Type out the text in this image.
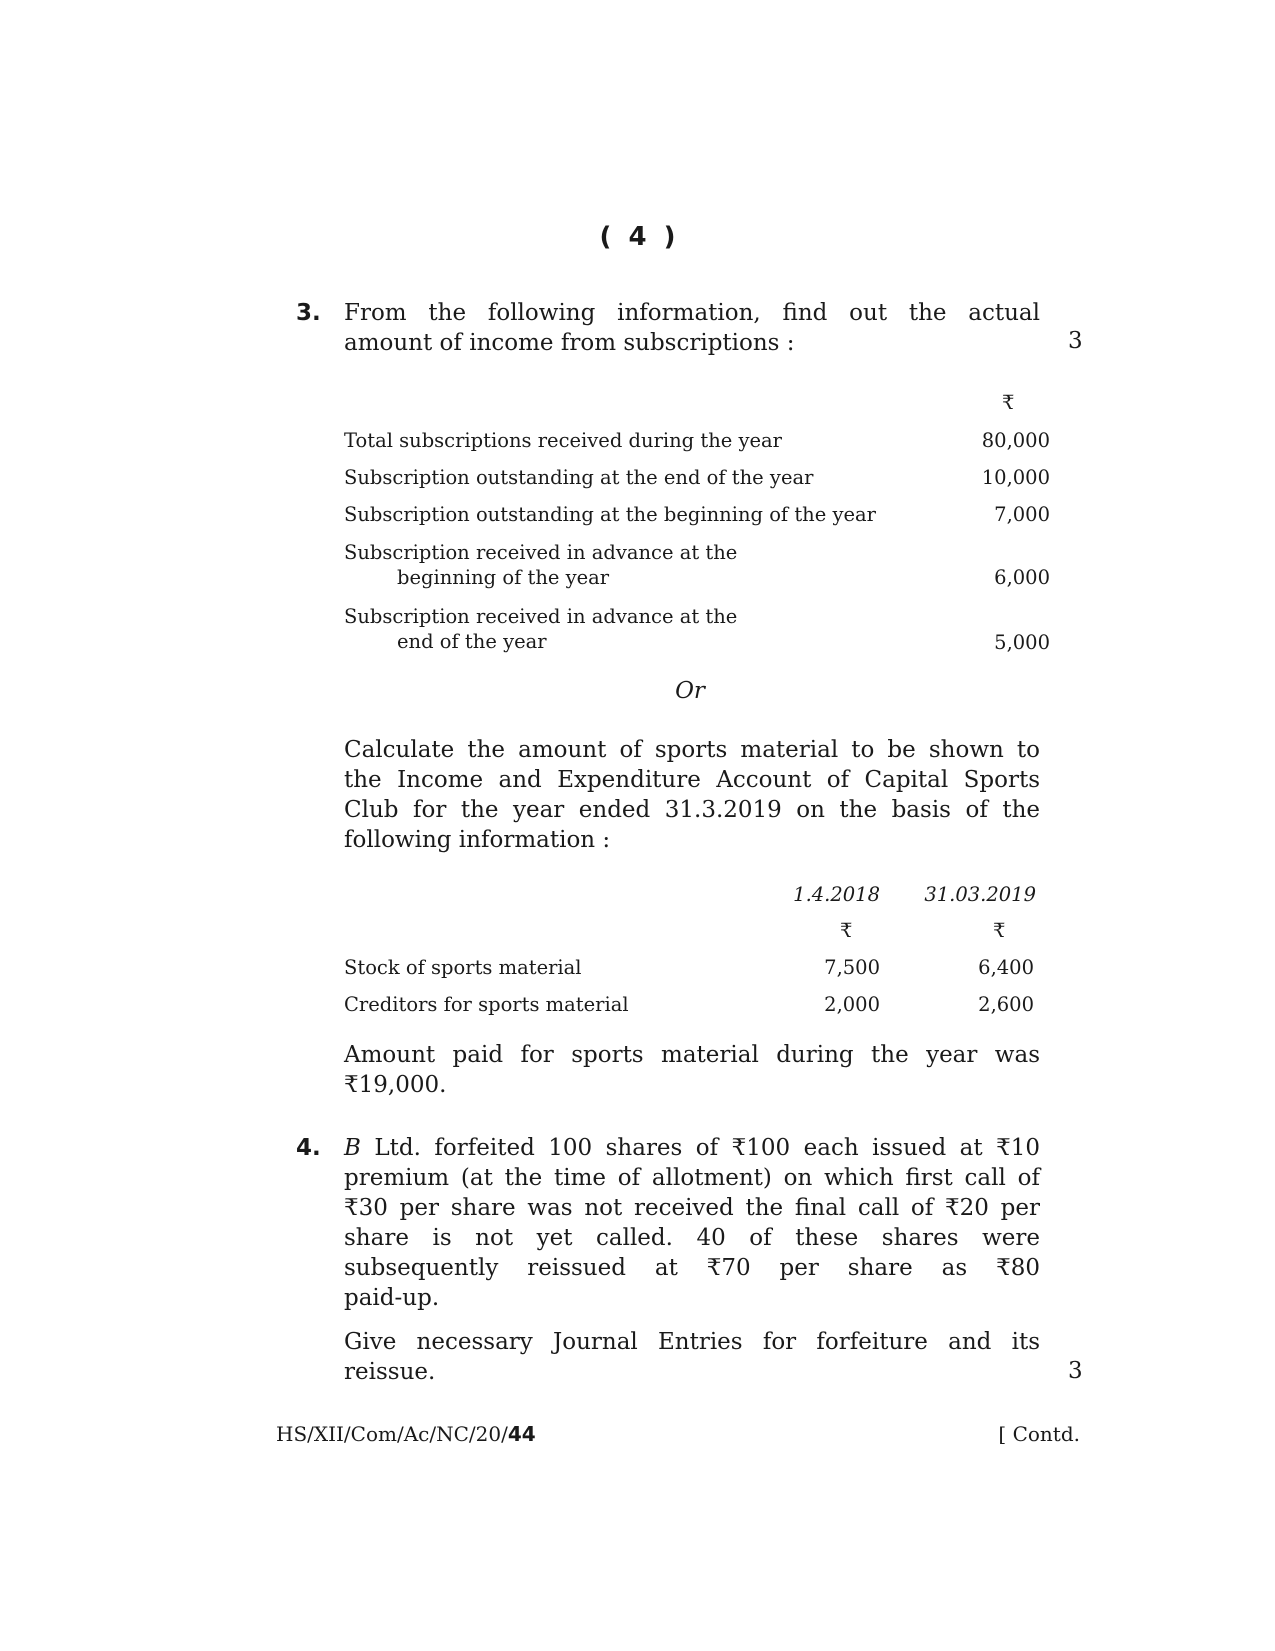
( 4 )
3. From the following information, find out the actual
amount of income from subscriptions :	3
₹
Total subscriptions received during the year	80,000
Subscription outstanding at the end of the year	10,000
Subscription outstanding at the beginning of the year	7,000
Subscription received in advance at the
beginning of the year	6,000
Subscription received in advance at the
end of the year	5,000
Or
Calculate the amount of sports material to be shown to
the Income and Expenditure Account of Capital Sports
Club for the year ended 31.3.2019 on the basis of the
following information :
1.4.2018	31.03.2019
₹	₹
Stock of sports material	7,500	6,400
Creditors for sports material	2,000	2,600
Amount paid for sports material during the year was
₹19,000.
4. B Ltd. forfeited 100 shares of ₹100 each issued at ₹10
premium (at the time of allotment) on which first call of
₹30 per share was not received the final call of ₹20 per
share is not yet called. 40 of these shares were
subsequently reissued at ₹70 per share as ₹80
paid-up.
Give necessary Journal Entries for forfeiture and its
reissue.	3
HS/XII/Com/Ac/NC/20/44	[ Contd.
